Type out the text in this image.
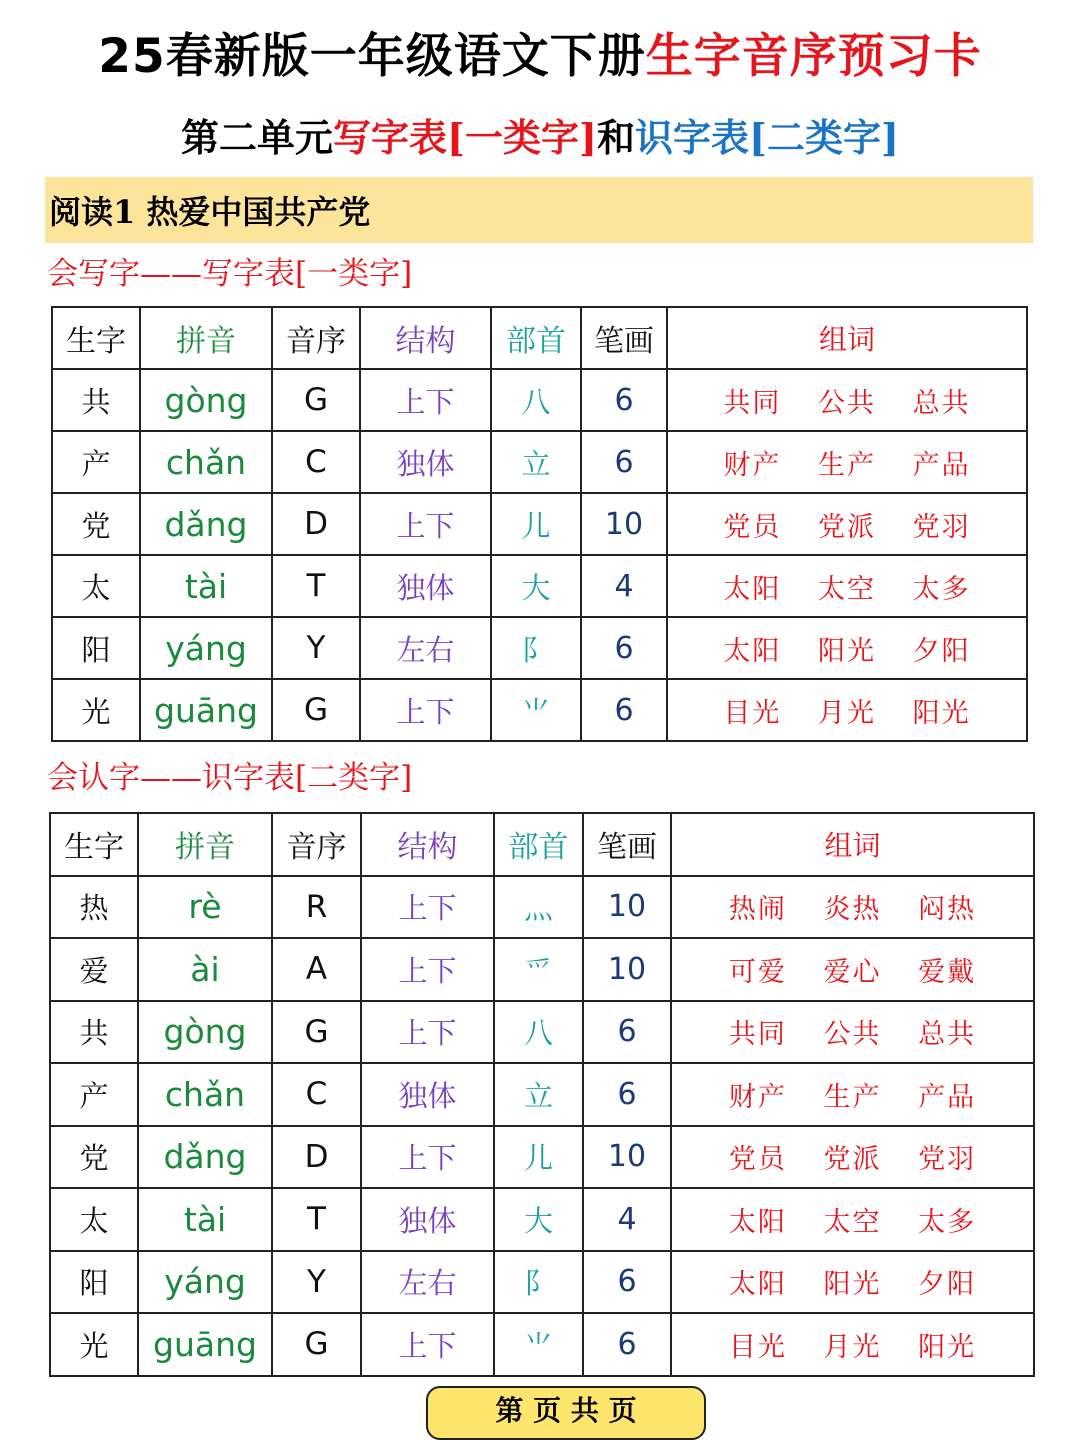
25春新版一年级语文下册生字音序预习卡
第二单元写字表[一类字]和识字表[二类字]
阅读1 热爱中国共产党
会写字——写字表[一类字]
生字	拼音	音序	结构	部首	笔画	组词
共	gòng	G	上下	八	6	共同 公共 总共
产	chǎn	C	独体	立	6	财产 生产 产品
党	dǎng	D	上下	儿	10	党员 党派 党羽
太	tài	T	独体	大	4	太阳 太空 太多
阳	yáng	Y	左右	阝	6	太阳 阳光 夕阳
光	guāng	G	上下	⺌	6	目光 月光 阳光
会认字——识字表[二类字]
生字	拼音	音序	结构	部首	笔画	组词
热	rè	R	上下	灬	10	热闹 炎热 闷热
爱	ài	A	上下	爫	10	可爱 爱心 爱戴
共	gòng	G	上下	八	6	共同 公共 总共
产	chǎn	C	独体	立	6	财产 生产 产品
党	dǎng	D	上下	儿	10	党员 党派 党羽
太	tài	T	独体	大	4	太阳 太空 太多
阳	yáng	Y	左右	阝	6	太阳 阳光 夕阳
光	guāng	G	上下	⺌	6	目光 月光 阳光
第 页 共 页
